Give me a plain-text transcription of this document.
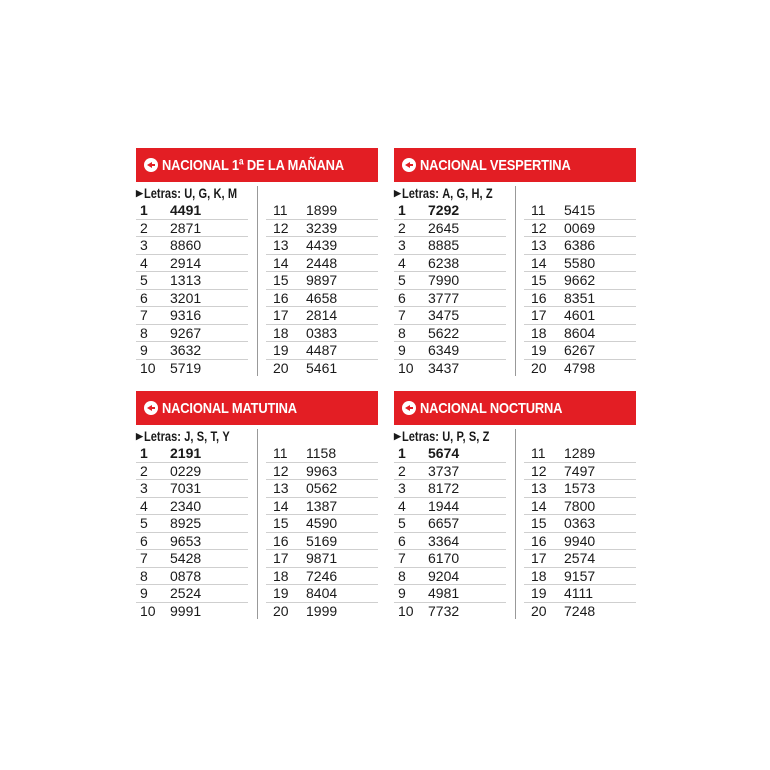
NACIONAL 1ª DE LA MAÑANA
▶ Letras: U, G, K, M
1	4491
2	2871
3	8860
4	2914
5	1313
6	3201
7	9316
8	9267
9	3632
10	5719
11	1899
12	3239
13	4439
14	2448
15	9897
16	4658
17	2814
18	0383
19	4487
20	5461
NACIONAL VESPERTINA
▶ Letras: A, G, H, Z
1	7292
2	2645
3	8885
4	6238
5	7990
6	3777
7	3475
8	5622
9	6349
10	3437
11	5415
12	0069
13	6386
14	5580
15	9662
16	8351
17	4601
18	8604
19	6267
20	4798
NACIONAL MATUTINA
▶ Letras: J, S, T, Y
1	2191
2	0229
3	7031
4	2340
5	8925
6	9653
7	5428
8	0878
9	2524
10	9991
11	1158
12	9963
13	0562
14	1387
15	4590
16	5169
17	9871
18	7246
19	8404
20	1999
NACIONAL NOCTURNA
▶ Letras: U, P, S, Z
1	5674
2	3737
3	8172
4	1944
5	6657
6	3364
7	6170
8	9204
9	4981
10	7732
11	1289
12	7497
13	1573
14	7800
15	0363
16	9940
17	2574
18	9157
19	4111
20	7248
